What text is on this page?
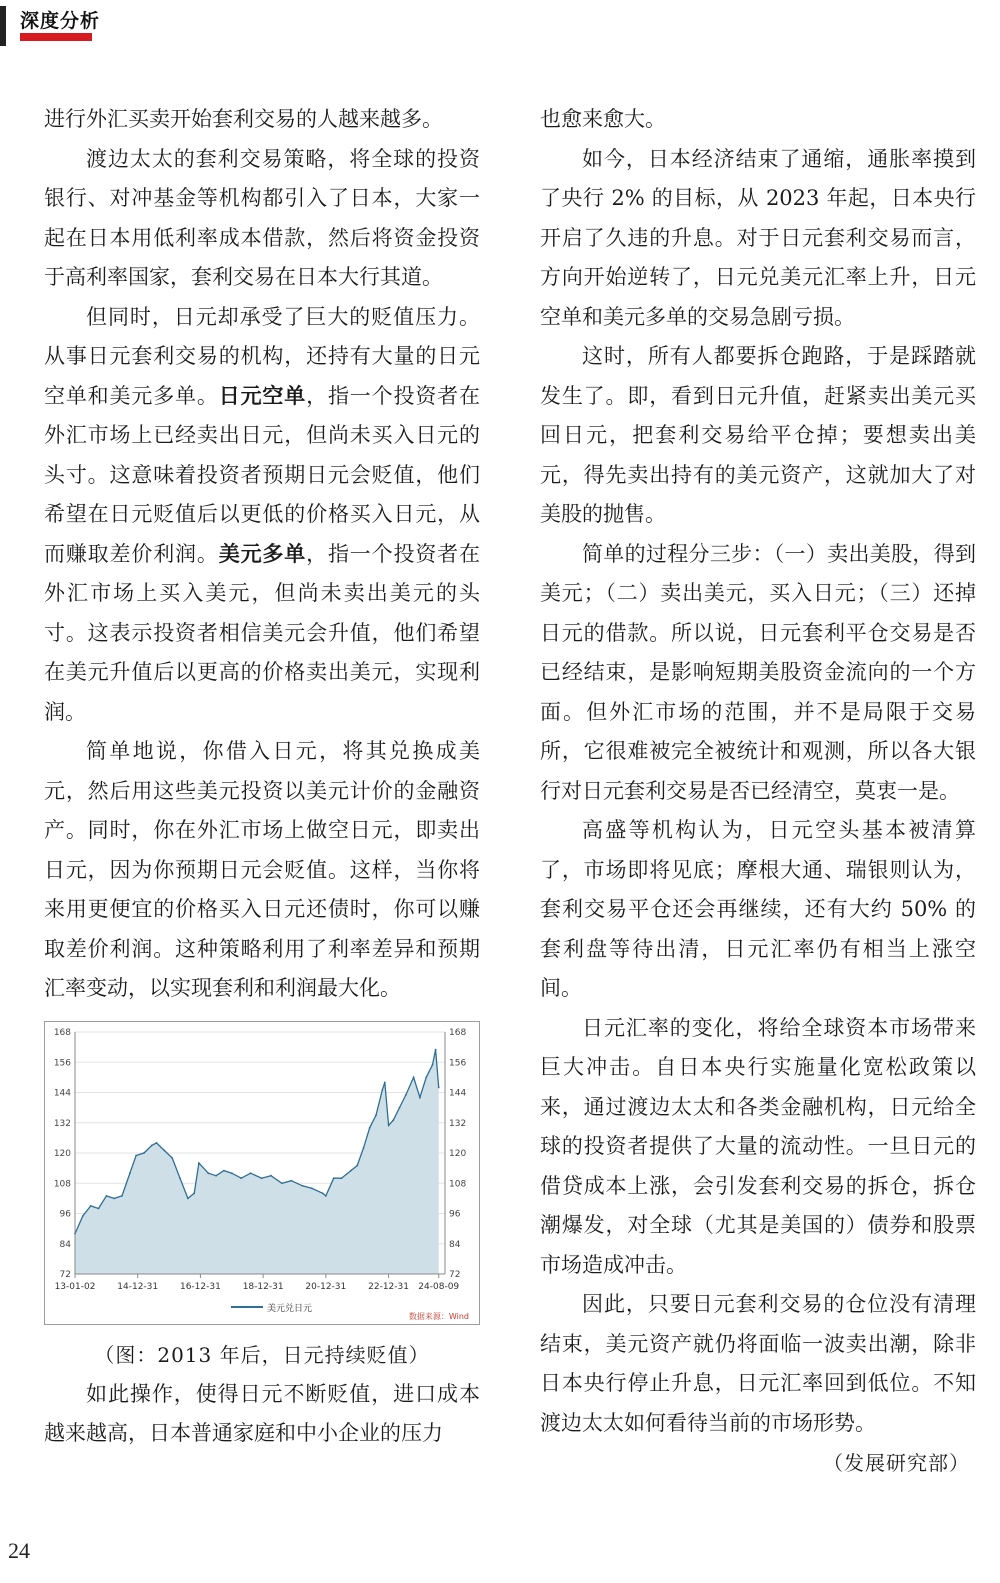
深度分析

进行外汇买卖开始套利交易的人越来越多。

渡边太太的套利交易策略，将全球的投资银行、对冲基金等机构都引入了日本，大家一起在日本用低利率成本借款，然后将资金投资于高利率国家，套利交易在日本大行其道。

但同时，日元却承受了巨大的贬值压力。从事日元套利交易的机构，还持有大量的日元空单和美元多单。日元空单，指一个投资者在外汇市场上已经卖出日元，但尚未买入日元的头寸。这意味着投资者预期日元会贬值，他们希望在日元贬值后以更低的价格买入日元，从而赚取差价利润。美元多单，指一个投资者在外汇市场上买入美元，但尚未卖出美元的头寸。这表示投资者相信美元会升值，他们希望在美元升值后以更高的价格卖出美元，实现利润。

简单地说，你借入日元，将其兑换成美元，然后用这些美元投资以美元计价的金融资产。同时，你在外汇市场上做空日元，即卖出日元，因为你预期日元会贬值。这样，当你将来用更便宜的价格买入日元还债时，你可以赚取差价利润。这种策略利用了利率差异和预期汇率变动，以实现套利和利润最大化。

72	72
84	84
96	96
108	108
120	120
132	132
144	144
156	156
168	168
13-01-02 14-12-31 16-12-31 18-12-31 20-12-31 22-12-31 24-08-09
美元兑日元
数据来源：Wind

（图：2013 年后，日元持续贬值）

如此操作，使得日元不断贬值，进口成本越来越高，日本普通家庭和中小企业的压力

也愈来愈大。

如今，日本经济结束了通缩，通胀率摸到了央行 2% 的目标，从 2023 年起，日本央行开启了久违的升息。对于日元套利交易而言，方向开始逆转了，日元兑美元汇率上升，日元空单和美元多单的交易急剧亏损。

这时，所有人都要拆仓跑路，于是踩踏就发生了。即，看到日元升值，赶紧卖出美元买回日元，把套利交易给平仓掉；要想卖出美元，得先卖出持有的美元资产，这就加大了对美股的抛售。

简单的过程分三步：（一）卖出美股，得到美元；（二）卖出美元，买入日元；（三）还掉日元的借款。所以说，日元套利平仓交易是否已经结束，是影响短期美股资金流向的一个方面。但外汇市场的范围，并不是局限于交易所，它很难被完全被统计和观测，所以各大银行对日元套利交易是否已经清空，莫衷一是。

高盛等机构认为，日元空头基本被清算了，市场即将见底；摩根大通、瑞银则认为，套利交易平仓还会再继续，还有大约 50% 的套利盘等待出清，日元汇率仍有相当上涨空间。

日元汇率的变化，将给全球资本市场带来巨大冲击。自日本央行实施量化宽松政策以来，通过渡边太太和各类金融机构，日元给全球的投资者提供了大量的流动性。一旦日元的借贷成本上涨，会引发套利交易的拆仓，拆仓潮爆发，对全球（尤其是美国的）债券和股票市场造成冲击。

因此，只要日元套利交易的仓位没有清理结束，美元资产就仍将面临一波卖出潮，除非日本央行停止升息，日元汇率回到低位。不知渡边太太如何看待当前的市场形势。

（发展研究部）

24
